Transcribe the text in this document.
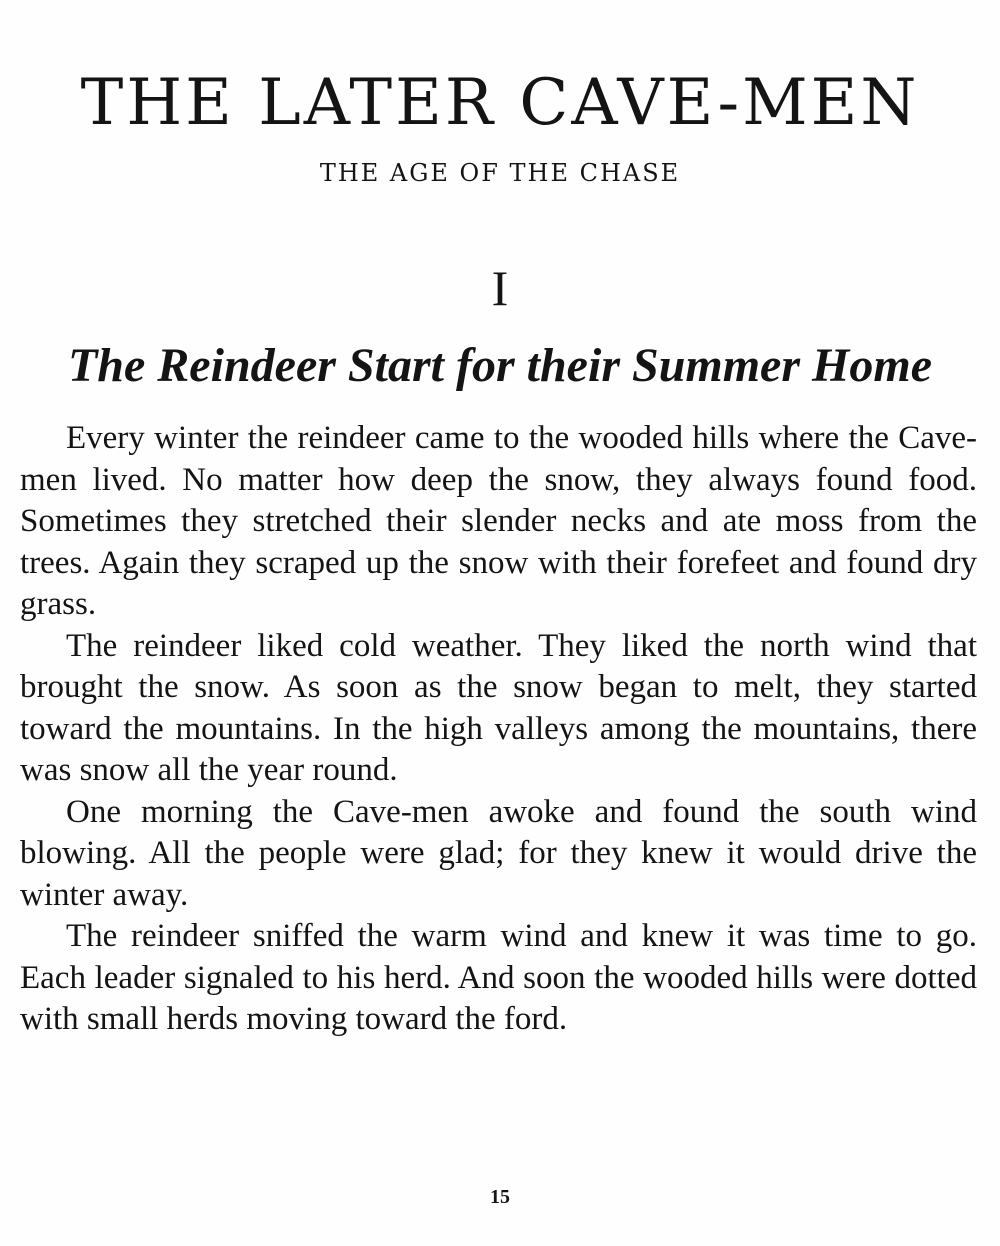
THE LATER CAVE-MEN
THE AGE OF THE CHASE
I
The Reindeer Start for their Summer Home

Every winter the reindeer came to the wooded hills where the Cave-men lived. No matter how deep the snow, they always found food. Sometimes they stretched their slender necks and ate moss from the trees. Again they scraped up the snow with their forefeet and found dry grass.

The reindeer liked cold weather. They liked the north wind that brought the snow. As soon as the snow began to melt, they started toward the mountains. In the high valleys among the mountains, there was snow all the year round.

One morning the Cave-men awoke and found the south wind blowing. All the people were glad; for they knew it would drive the winter away.

The reindeer sniffed the warm wind and knew it was time to go. Each leader signaled to his herd. And soon the wooded hills were dotted with small herds moving toward the ford.

15
